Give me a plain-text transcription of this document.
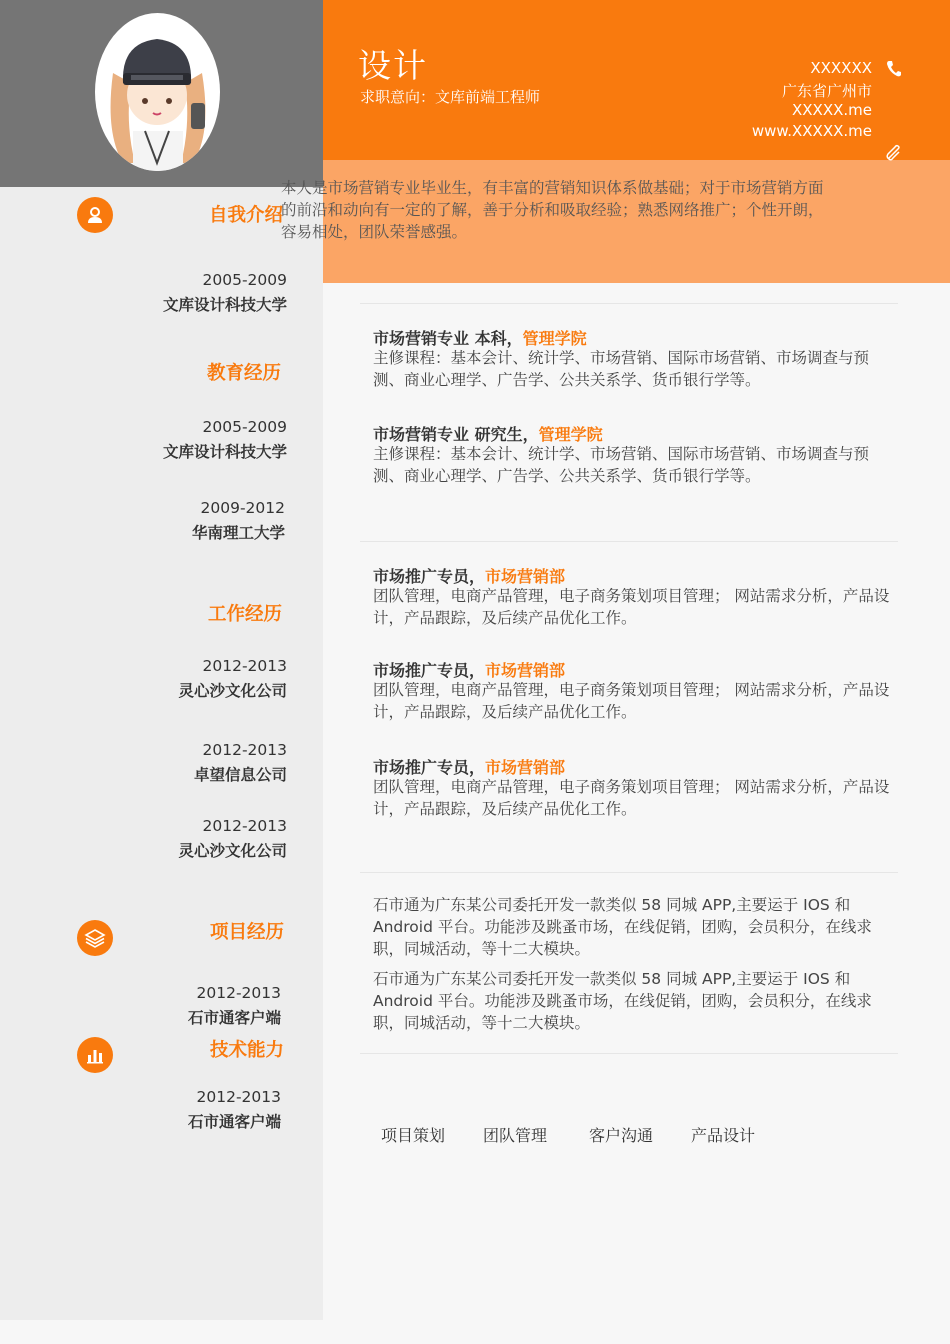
设计
求职意向：文库前端工程师
XXXXXX
广东省广州市
XXXXX.me
www.XXXXX.me
自我介绍
本人是市场营销专业毕业生，有丰富的营销知识体系做基础；对于市场营销方面的前沿和动向有一定的了解，善于分析和吸取经验；熟悉网络推广；个性开朗，容易相处，团队荣誉感强。
2005-2009
文库设计科技大学
教育经历
2005-2009
文库设计科技大学
2009-2012
华南理工大学
市场营销专业 本科，管理学院
主修课程：基本会计、统计学、市场营销、国际市场营销、市场调查与预测、商业心理学、广告学、公共关系学、货币银行学等。
市场营销专业 研究生，管理学院
主修课程：基本会计、统计学、市场营销、国际市场营销、市场调查与预测、商业心理学、广告学、公共关系学、货币银行学等。
工作经历
2012-2013
灵心沙文化公司
2012-2013
卓望信息公司
2012-2013
灵心沙文化公司
市场推广专员，市场营销部
团队管理，电商产品管理，电子商务策划项目管理； 网站需求分析，产品设计，产品跟踪，及后续产品优化工作。
市场推广专员，市场营销部
团队管理，电商产品管理，电子商务策划项目管理； 网站需求分析，产品设计，产品跟踪，及后续产品优化工作。
市场推广专员，市场营销部
团队管理，电商产品管理，电子商务策划项目管理； 网站需求分析，产品设计，产品跟踪，及后续产品优化工作。
项目经历
2012-2013
石市通客户端
石市通为广东某公司委托开发一款类似 58 同城 APP,主要运于 IOS 和 Android 平台。功能涉及跳蚤市场，在线促销，团购，会员积分，在线求职，同城活动，等十二大模块。
石市通为广东某公司委托开发一款类似 58 同城 APP,主要运于 IOS 和 Android 平台。功能涉及跳蚤市场，在线促销，团购，会员积分，在线求职，同城活动，等十二大模块。
技术能力
2012-2013
石市通客户端
项目策划 团队管理	客户沟通 产品设计
